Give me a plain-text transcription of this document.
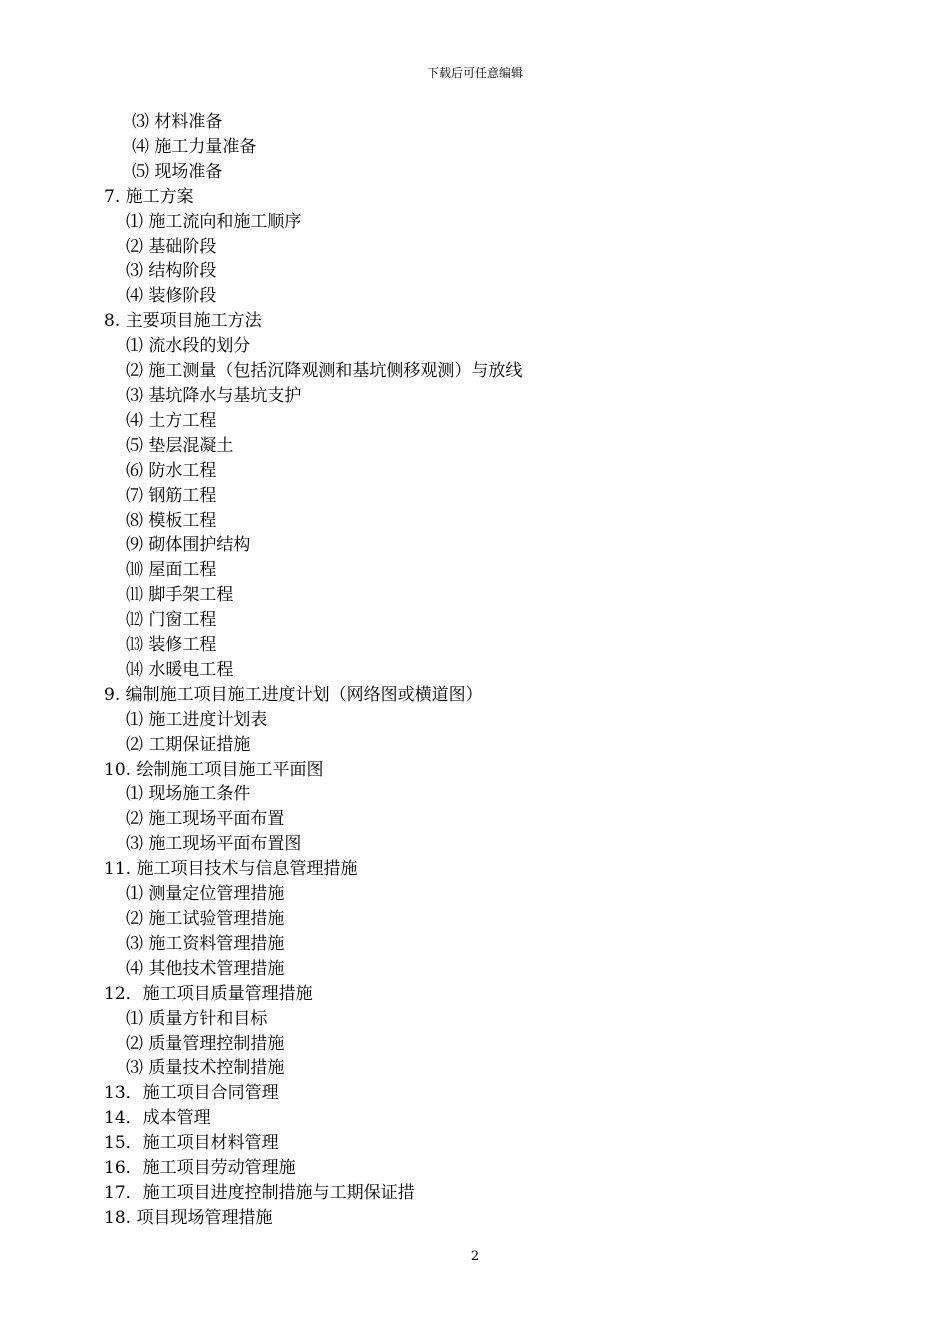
下载后可任意编辑
⑶ 材料准备
⑷ 施工力量准备
⑸ 现场准备
7. 施工方案
⑴ 施工流向和施工顺序
⑵ 基础阶段
⑶ 结构阶段
⑷ 装修阶段
8. 主要项目施工方法
⑴ 流水段的划分
⑵ 施工测量（包括沉降观测和基坑侧移观测）与放线
⑶ 基坑降水与基坑支护
⑷ 土方工程
⑸ 垫层混凝土
⑹ 防水工程
⑺ 钢筋工程
⑻ 模板工程
⑼ 砌体围护结构
⑽ 屋面工程
⑾ 脚手架工程
⑿ 门窗工程
⒀ 装修工程
⒁ 水暖电工程
9. 编制施工项目施工进度计划（网络图或横道图）
⑴ 施工进度计划表
⑵ 工期保证措施
10. 绘制施工项目施工平面图
⑴ 现场施工条件
⑵ 施工现场平面布置
⑶ 施工现场平面布置图
11. 施工项目技术与信息管理措施
⑴ 测量定位管理措施
⑵ 施工试验管理措施
⑶ 施工资料管理措施
⑷ 其他技术管理措施
12．施工项目质量管理措施
⑴ 质量方针和目标
⑵ 质量管理控制措施
⑶ 质量技术控制措施
13．施工项目合同管理
14．成本管理
15．施工项目材料管理
16．施工项目劳动管理施
17．施工项目进度控制措施与工期保证措
18. 项目现场管理措施
2
